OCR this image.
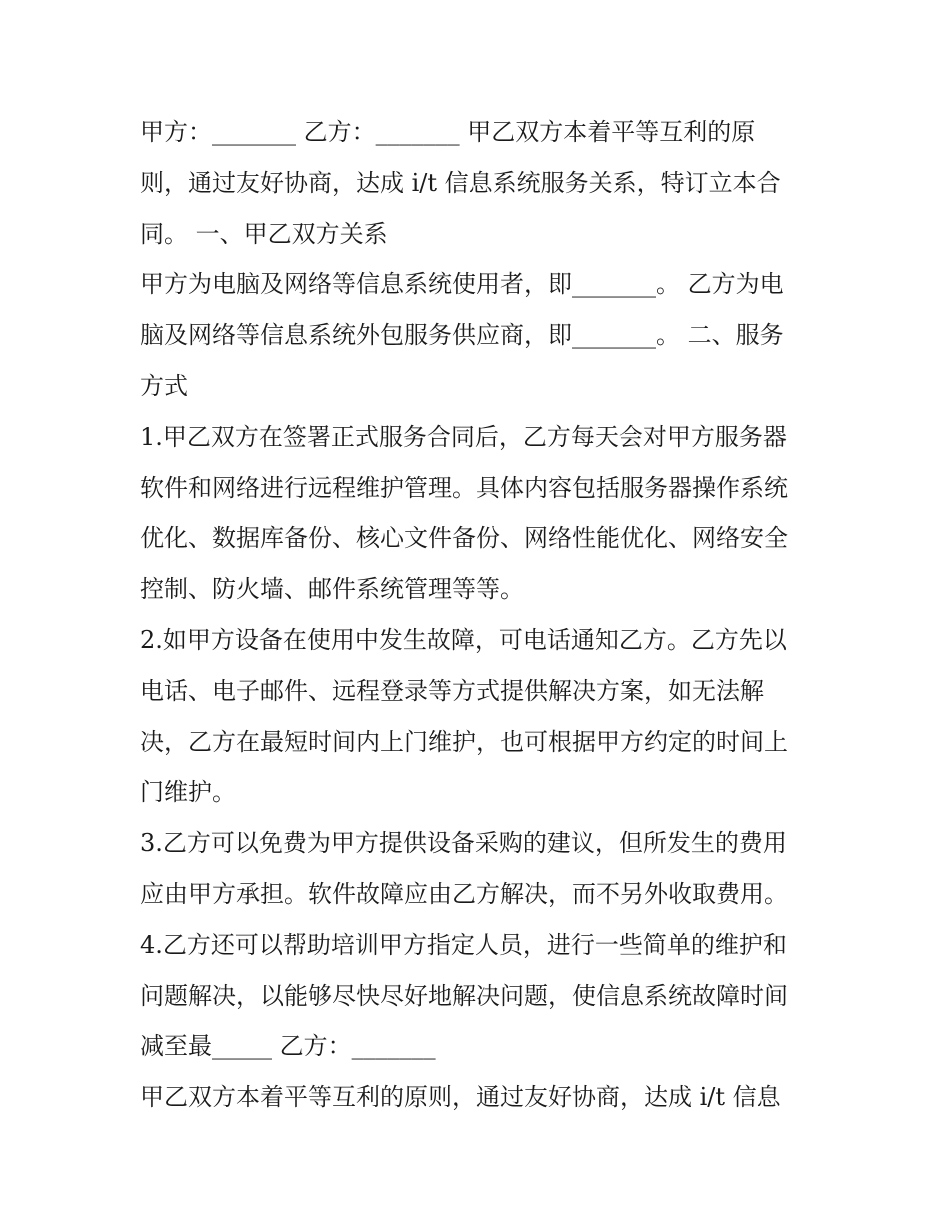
甲方：_______ 乙方：_______ 甲乙双方本着平等互利的原

则，通过友好协商，达成 i/t 信息系统服务关系，特订立本合

同。 一、甲乙双方关系

甲方为电脑及网络等信息系统使用者，即_______。 乙方为电

脑及网络等信息系统外包服务供应商，即_______。 二、服务

方式

1.甲乙双方在签署正式服务合同后，乙方每天会对甲方服务器

软件和网络进行远程维护管理。具体内容包括服务器操作系统

优化、数据库备份、核心文件备份、网络性能优化、网络安全

控制、防火墙、邮件系统管理等等。

2.如甲方设备在使用中发生故障，可电话通知乙方。乙方先以

电话、电子邮件、远程登录等方式提供解决方案，如无法解

决，乙方在最短时间内上门维护，也可根据甲方约定的时间上

门维护。

3.乙方可以免费为甲方提供设备采购的建议，但所发生的费用

应由甲方承担。软件故障应由乙方解决，而不另外收取费用。

4.乙方还可以帮助培训甲方指定人员，进行一些简单的维护和

问题解决，以能够尽快尽好地解决问题，使信息系统故障时间

减至最_____ 乙方：_______

甲乙双方本着平等互利的原则，通过友好协商，达成 i/t 信息
